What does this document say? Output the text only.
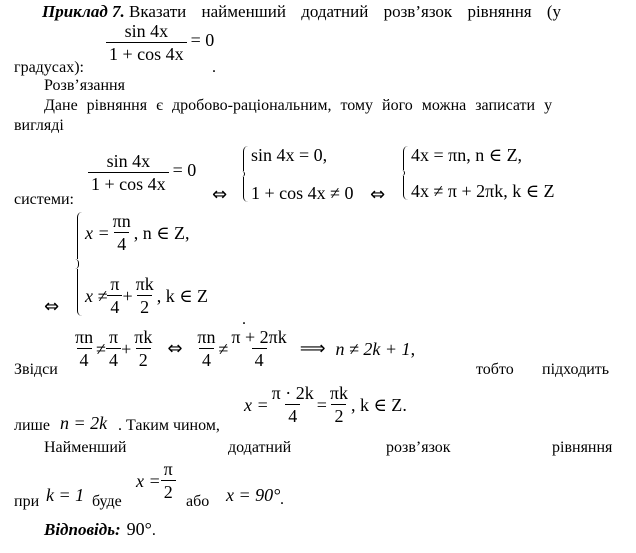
Приклад 7. Вказати найменший додатний розв’язок рівняння (у
$\frac{\sin 4x}{1 + \cos 4x} = 0$
градусах):	.
Розв’язання
Дане рівняння є дробово-раціональним, тому його можна записати у
вигляді
системи:
$\frac{\sin 4x}{1 + \cos 4x} = 0$
⇔
sin 4x = 0,
1 + cos 4x ≠ 0 ⇔
4x = πn, n ∈ Z,
4x ≠ π + 2πk, k ∈ Z
⇔
$x = \frac{\pi n}{4}$ , n ∈ Z,
$x \ne \frac{\pi}{4} + \frac{\pi k}{2}$ , k ∈ Z
.
Звідси
$\frac{\pi n}{4} \ne \frac{\pi}{4} + \frac{\pi k}{2}$ ⇔ $\frac{\pi n}{4} \ne \frac{\pi + 2\pi k}{4}$ ⟹ n ≠ 2k + 1 ,
тобто підходить
лише n = 2k . Таким чином,
$x = \frac{\pi \cdot 2k}{4} = \frac{\pi k}{2}$ , k ∈ Z .
Найменший	додатний	розв’язок	рівняння
при k = 1 буде
$x = \frac{\pi}{2}$
або x = 90° .
Відповідь: 90° .
